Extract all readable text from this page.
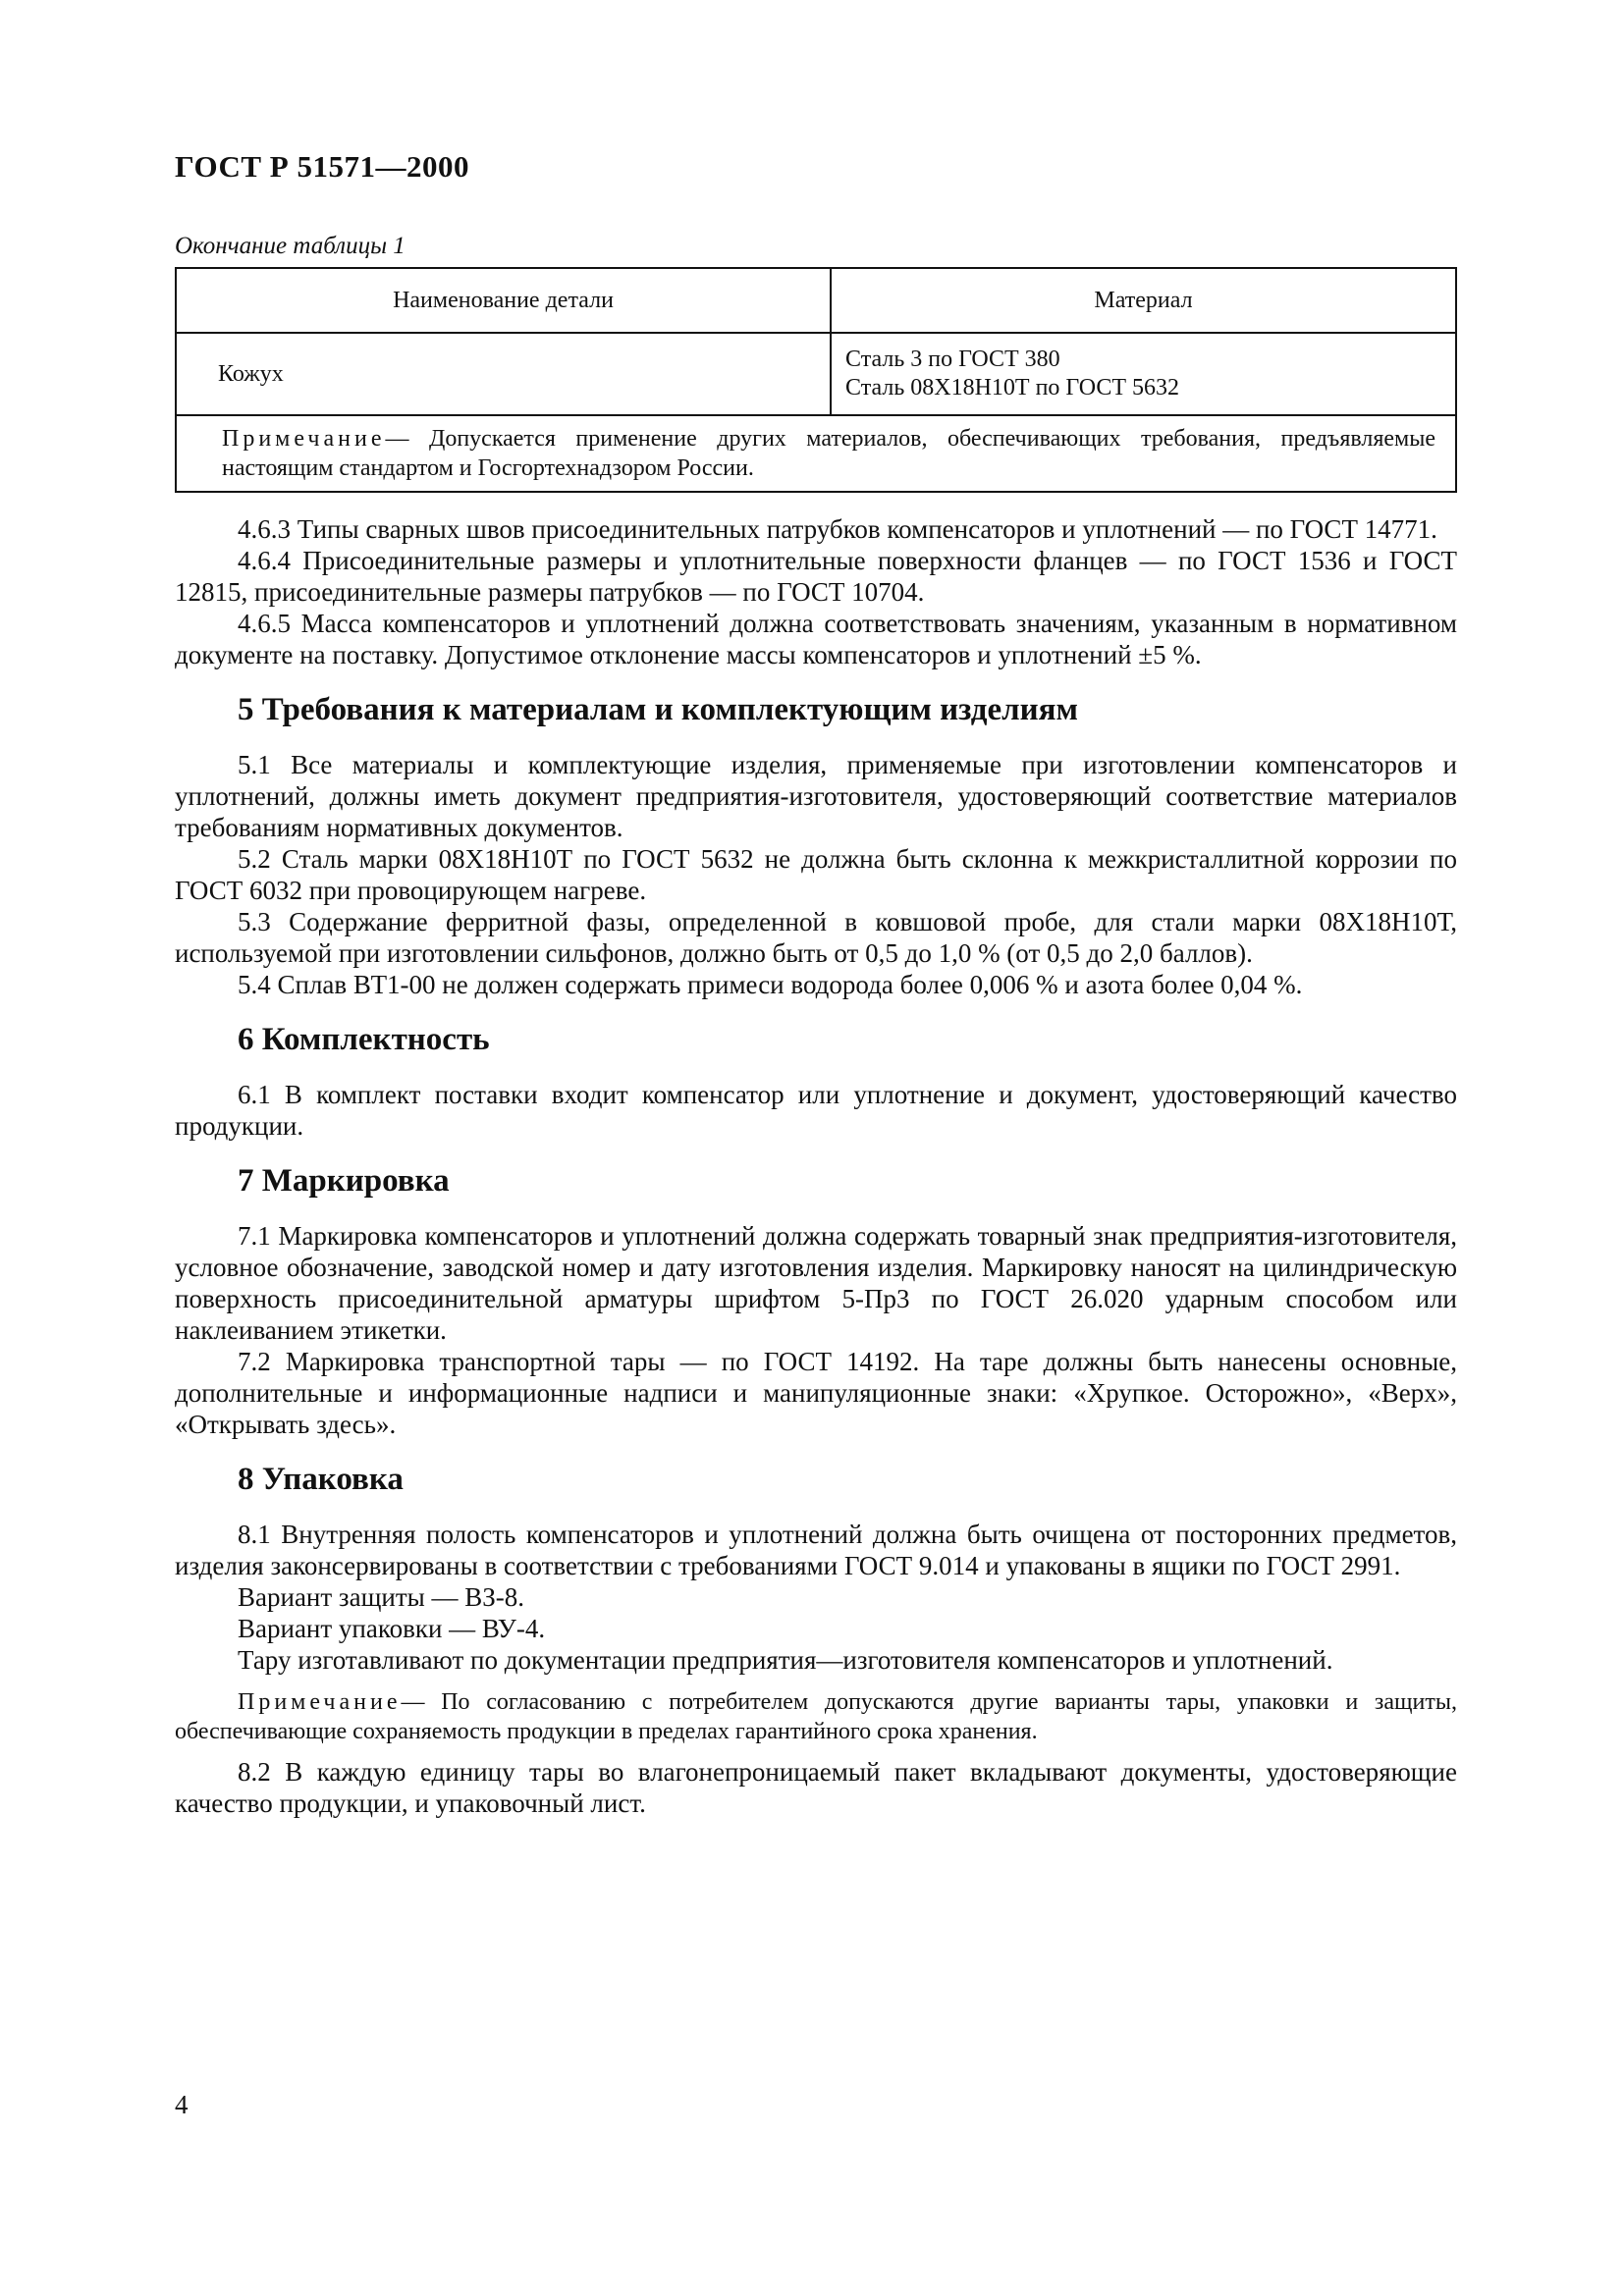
ГОСТ Р 51571—2000
Окончание таблицы 1
Наименование детали	Материал
Кожух	Сталь 3 по ГОСТ 380
Сталь 08Х18Н10Т по ГОСТ 5632

Примечание— Допускается применение других материалов, обеспечивающих требования, предъявляемые настоящим стандартом и Госгортехнадзором России.	

4.6.3 Типы сварных швов присоединительных патрубков компенсаторов и уплотнений — по ГОСТ 14771.

4.6.4 Присоединительные размеры и уплотнительные поверхности фланцев — по ГОСТ 1536 и ГОСТ 12815, присоединительные размеры патрубков — по ГОСТ 10704.

4.6.5 Масса компенсаторов и уплотнений должна соответствовать значениям, указанным в нормативном документе на поставку. Допустимое отклонение массы компенсаторов и уплотнений ±5 %.

5 Требования к материалам и комплектующим изделиям

5.1 Все материалы и комплектующие изделия, применяемые при изготовлении компенсаторов и уплотнений, должны иметь документ предприятия-изготовителя, удостоверяющий соответствие материалов требованиям нормативных документов.

5.2 Сталь марки 08Х18Н10Т по ГОСТ 5632 не должна быть склонна к межкристаллитной коррозии по ГОСТ 6032 при провоцирующем нагреве.

5.3 Содержание ферритной фазы, определенной в ковшовой пробе, для стали марки 08Х18Н10Т, используемой при изготовлении сильфонов, должно быть от 0,5 до 1,0 % (от 0,5 до 2,0 баллов).

5.4 Сплав ВТ1-00 не должен содержать примеси водорода более 0,006 % и азота более 0,04 %.

6 Комплектность

6.1 В комплект поставки входит компенсатор или уплотнение и документ, удостоверяющий качество продукции.

7 Маркировка

7.1 Маркировка компенсаторов и уплотнений должна содержать товарный знак предприятия-изготовителя, условное обозначение, заводской номер и дату изготовления изделия. Маркировку наносят на цилиндрическую поверхность присоединительной арматуры шрифтом 5-Пр3 по ГОСТ 26.020 ударным способом или наклеиванием этикетки.

7.2 Маркировка транспортной тары — по ГОСТ 14192. На таре должны быть нанесены основные, дополнительные и информационные надписи и манипуляционные знаки: «Хрупкое. Осторожно», «Верх», «Открывать здесь».

8 Упаковка

8.1 Внутренняя полость компенсаторов и уплотнений должна быть очищена от посторонних предметов, изделия законсервированы в соответствии с требованиями ГОСТ 9.014 и упакованы в ящики по ГОСТ 2991.

Вариант защиты — ВЗ-8.

Вариант упаковки — ВУ-4.

Тару изготавливают по документации предприятия—изготовителя компенсаторов и уплотнений.

Примечание— По согласованию с потребителем допускаются другие варианты тары, упаковки и защиты, обеспечивающие сохраняемость продукции в пределах гарантийного срока хранения.

8.2 В каждую единицу тары во влагонепроницаемый пакет вкладывают документы, удостоверяющие качество продукции, и упаковочный лист.

4
